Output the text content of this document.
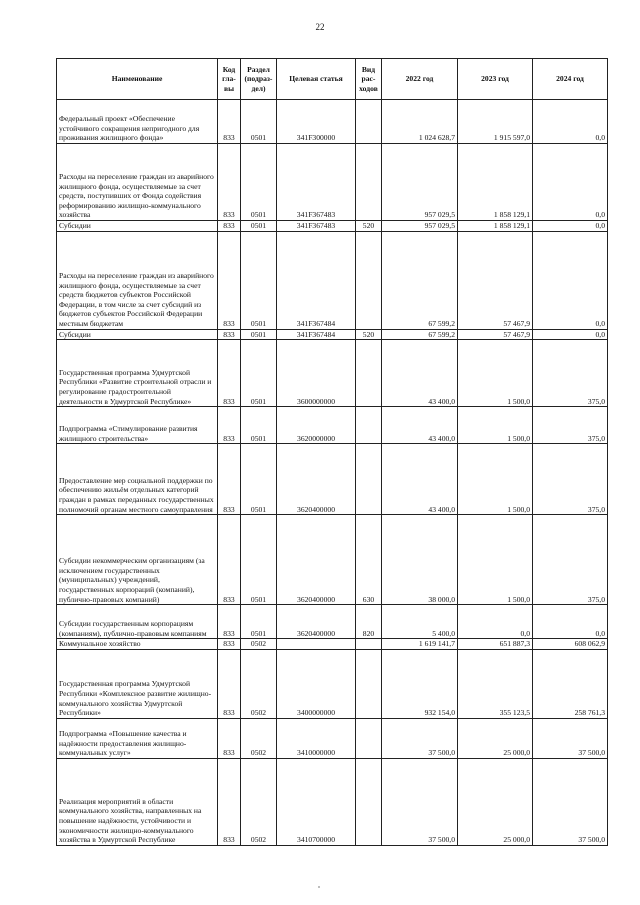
22
Наименование	Код гла-вы	Раздел (подраз-дел)	Целевая статья	Вид рас-ходов	2022 год	2023 год	2024 год
Федеральный проект «Обеспечение устойчивого сокращения непригодного для проживания жилищного фонда»	833	0501	341F300000		1 024 628,7	1 915 597,0	0,0
Расходы на переселение граждан из аварийного жилищного фонда, осуществляемые за счет средств, поступивших от Фонда содействия реформированию жилищно-коммунального хозяйства	833	0501	341F367483		957 029,5	1 858 129,1	0,0
Субсидии	833	0501	341F367483	520	957 029,5	1 858 129,1	0,0
Расходы на переселение граждан из аварийного жилищного фонда, осуществляемые за счет средств бюджетов субъектов Российской Федерации, в том числе за счет субсидий из бюджетов субъектов Российской Федерации местным бюджетам	833	0501	341F367484		67 599,2	57 467,9	0,0
Субсидии	833	0501	341F367484	520	67 599,2	57 467,9	0,0
Государственная программа Удмуртской Республики «Развитие строительной отрасли и регулирование градостроительной деятельности в Удмуртской Республике»	833	0501	3600000000		43 400,0	1 500,0	375,0
Подпрограмма «Стимулирование развития жилищного строительства»	833	0501	3620000000		43 400,0	1 500,0	375,0
Предоставление мер социальной поддержки по обеспечению жильём отдельных категорий граждан в рамках переданных государственных полномочий органам местного самоуправления	833	0501	3620400000		43 400,0	1 500,0	375,0
Субсидии некоммерческим организациям (за исключением государственных (муниципальных) учреждений, государственных корпораций (компаний), публично-правовых компаний)	833	0501	3620400000	630	38 000,0	1 500,0	375,0
Субсидии государственным корпорациям (компаниям), публично-правовым компаниям	833	0501	3620400000	820	5 400,0	0,0	0,0
Коммунальное хозяйство	833	0502			1 619 141,7	651 887,3	608 062,9
Государственная программа Удмуртской Республики «Комплексное развитие жилищно-коммунального хозяйства Удмуртской Республики»	833	0502	3400000000		932 154,0	355 123,5	258 761,3
Подпрограмма «Повышение качества и надёжности предоставления жилищно-коммунальных услуг»	833	0502	3410000000		37 500,0	25 000,0	37 500,0
Реализация мероприятий в области коммунального хозяйства, направленных на повышение надёжности, устойчивости и экономичности жилищно-коммунального хозяйства в Удмуртской Республике	833	0502	3410700000		37 500,0	25 000,0	37 500,0
